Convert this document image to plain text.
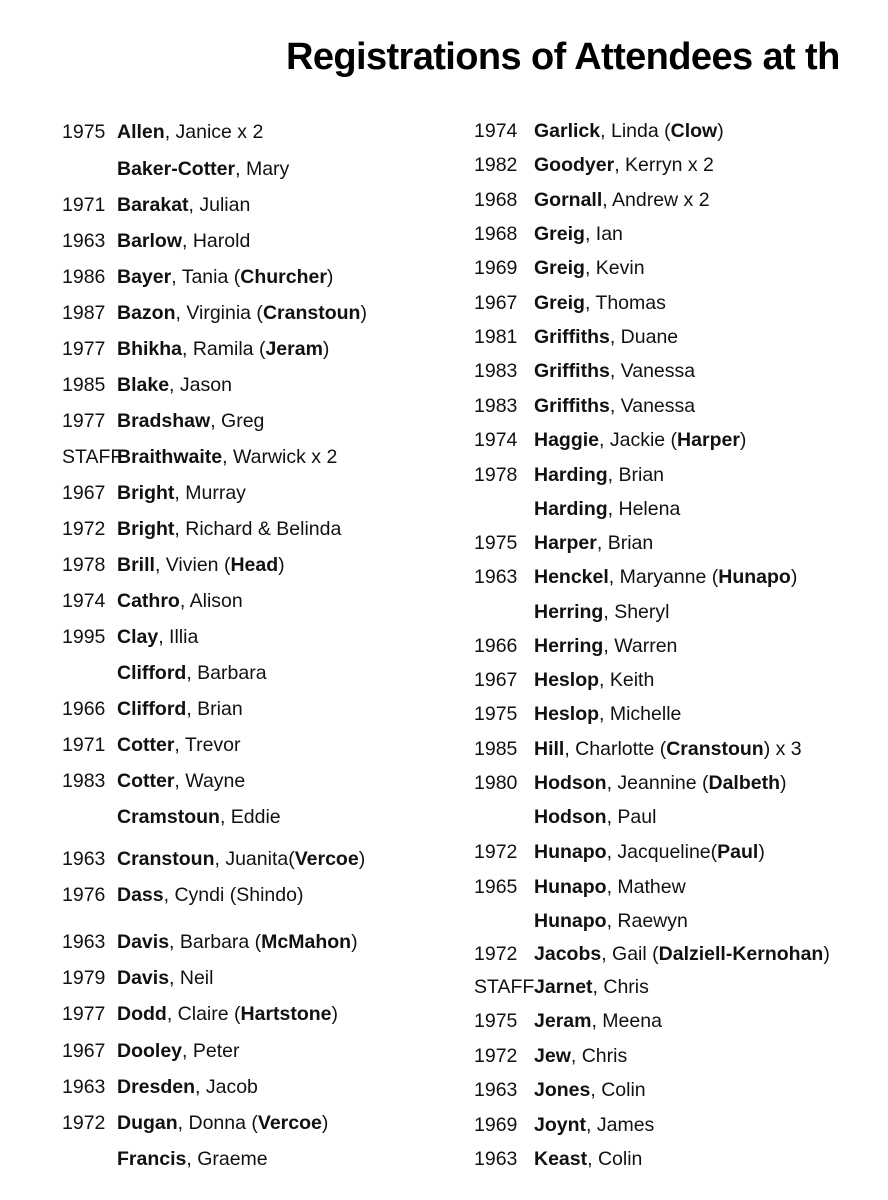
Registrations of Attendees at th
1975 Allen, Janice x 2
Baker-Cotter, Mary
1971 Barakat, Julian
1963 Barlow, Harold
1986 Bayer, Tania (Churcher)
1987 Bazon, Virginia (Cranstoun)
1977 Bhikha, Ramila (Jeram)
1985 Blake, Jason
1977 Bradshaw, Greg
STAFF
Braithwaite, Warwick x 2
1967 Bright, Murray
1972 Bright, Richard & Belinda
1978 Brill, Vivien (Head)
1974 Cathro, Alison
1995 Clay, Illia
Clifford, Barbara
1966 Clifford, Brian
1971 Cotter, Trevor
1983 Cotter, Wayne
Cramstoun, Eddie
1963 Cranstoun, Juanita(Vercoe)
1976 Dass, Cyndi (Shindo)
1963 Davis, Barbara (McMahon)
1979 Davis, Neil
1977 Dodd, Claire (Hartstone)
1967 Dooley, Peter
1963 Dresden, Jacob
1972 Dugan, Donna (Vercoe)
Francis, Graeme
1974 Garlick, Linda (Clow)
1982 Goodyer, Kerryn x 2
1968 Gornall, Andrew x 2
1968 Greig, Ian
1969 Greig, Kevin
1967 Greig, Thomas
1981 Griffiths, Duane
1983 Griffiths, Vanessa
1983 Griffiths, Vanessa
1974 Haggie, Jackie (Harper)
1978 Harding, Brian
Harding, Helena
1975 Harper, Brian
1963 Henckel, Maryanne (Hunapo)
Herring, Sheryl
1966 Herring, Warren
1967 Heslop, Keith
1975 Heslop, Michelle
1985 Hill, Charlotte (Cranstoun) x 3
1980 Hodson, Jeannine (Dalbeth)
Hodson, Paul
1972 Hunapo, Jacqueline(Paul)
1965 Hunapo, Mathew
Hunapo, Raewyn
1972 Jacobs, Gail (Dalziell-Kernohan)
STAFF Jarnet, Chris
1975 Jeram, Meena
1972 Jew, Chris
1963 Jones, Colin
1969 Joynt, James
1963 Keast, Colin
